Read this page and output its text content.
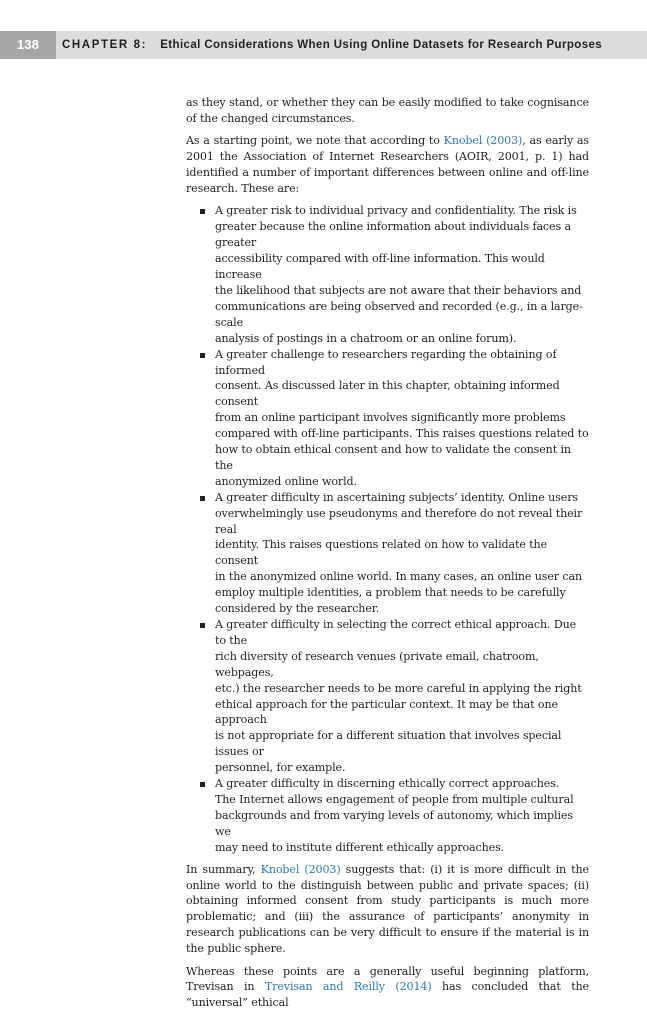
138	CHAPTER 8: Ethical Considerations When Using Online Datasets for Research Purposes

as they stand, or whether they can be easily modified to take cognisance of the changed circumstances.

As a starting point, we note that according to Knobel (2003), as early as 2001 the Association of Internet Researchers (AOIR, 2001, p. 1) had identified a number of important differences between online and off-line research. These are:

A greater risk to individual privacy and confidentiality. The risk is
greater because the online information about individuals faces a greater
accessibility compared with off-line information. This would increase
the likelihood that subjects are not aware that their behaviors and
communications are being observed and recorded (e.g., in a large-scale
analysis of postings in a chatroom or an online forum).
A greater challenge to researchers regarding the obtaining of informed
consent. As discussed later in this chapter, obtaining informed consent
from an online participant involves significantly more problems
compared with off-line participants. This raises questions related to
how to obtain ethical consent and how to validate the consent in the
anonymized online world.
A greater difficulty in ascertaining subjects’ identity. Online users
overwhelmingly use pseudonyms and therefore do not reveal their real
identity. This raises questions related on how to validate the consent
in the anonymized online world. In many cases, an online user can
employ multiple identities, a problem that needs to be carefully
considered by the researcher.
A greater difficulty in selecting the correct ethical approach. Due to the
rich diversity of research venues (private email, chatroom, webpages,
etc.) the researcher needs to be more careful in applying the right
ethical approach for the particular context. It may be that one approach
is not appropriate for a different situation that involves special issues or
personnel, for example.
A greater difficulty in discerning ethically correct approaches.
The Internet allows engagement of people from multiple cultural
backgrounds and from varying levels of autonomy, which implies we
may need to institute different ethically approaches.

In summary, Knobel (2003) suggests that: (i) it is more difficult in the online world to the distinguish between public and private spaces; (ii) obtaining informed consent from study participants is much more problematic; and (iii) the assurance of participants’ anonymity in research publications can be very difficult to ensure if the material is in the public sphere.

Whereas these points are a generally useful beginning platform, Trevisan in Trevisan and Reilly (2014) has concluded that the “universal” ethical
